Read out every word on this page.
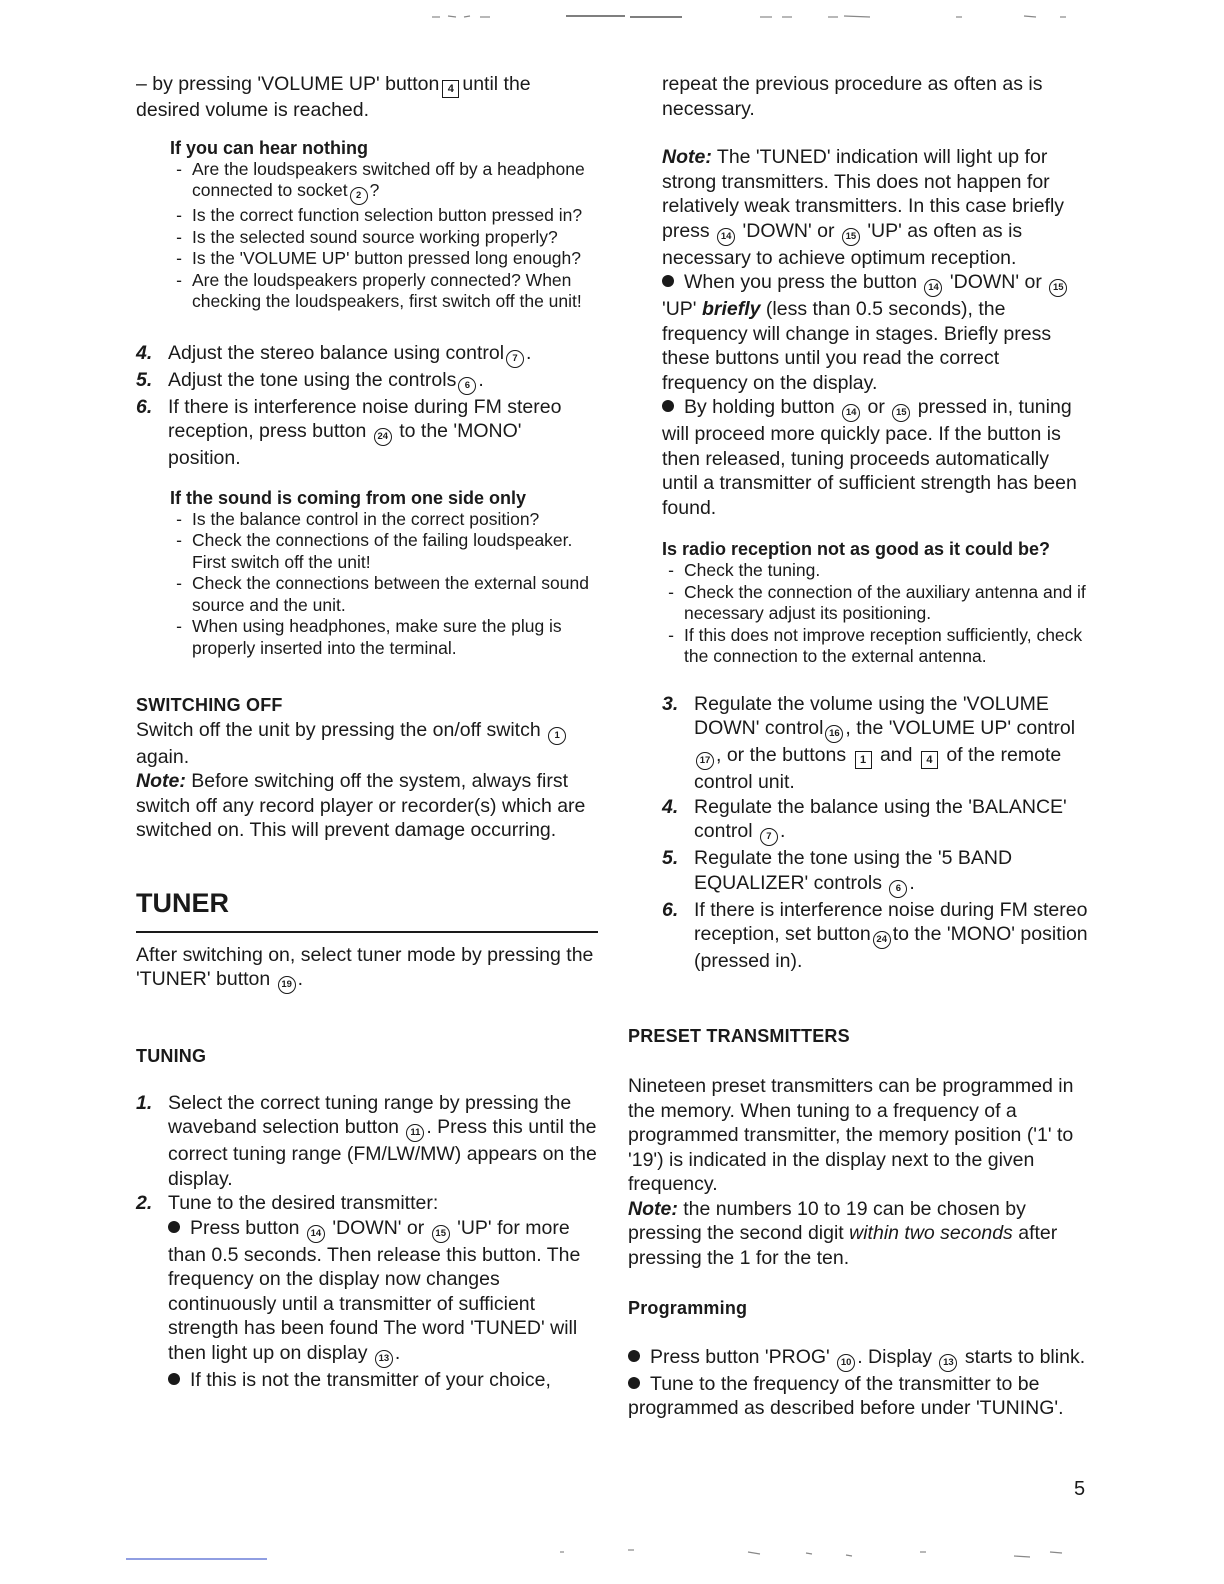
– by pressing 'VOLUME UP' button 4 until the desired volume is reached.

If you can hear nothing
- Are the loudspeakers switched off by a headphone connected to socket 2 ?
- Is the correct function selection button pressed in?
- Is the selected sound source working properly?
- Is the 'VOLUME UP' button pressed long enough?
- Are the loudspeakers properly connected? When checking the loudspeakers, first switch off the unit!
4. Adjust the stereo balance using control 7 .
5. Adjust the tone using the controls 6 .
6. If there is interference noise during FM stereo reception, press button 24 to the 'MONO' position.
If the sound is coming from one side only
- Is the balance control in the correct position?
- Check the connections of the failing loudspeaker. First switch off the unit!
- Check the connections between the external sound source and the unit.
- When using headphones, make sure the plug is properly inserted into the terminal.
SWITCHING OFF

Switch off the unit by pressing the on/off switch 1 again.

Note: Before switching off the system, always first switch off any record player or recorder(s) which are switched on. This will prevent damage occurring.

TUNER

After switching on, select tuner mode by pressing the 'TUNER' button 19 .

TUNING
1. Select the correct tuning range by pressing the waveband selection button 11 . Press this until the correct tuning range (FM/LW/MW) appears on the display.
2. Tune to the desired transmitter:
Press button 14 'DOWN' or 15 'UP' for more than 0.5 seconds. Then release this button. The frequency on the display now changes continuously until a transmitter of sufficient strength has been found The word 'TUNED' will then light up on display 13 .
If this is not the transmitter of your choice,

repeat the previous procedure as often as is necessary.

Note: The 'TUNED' indication will light up for strong transmitters. This does not happen for relatively weak transmitters. In this case briefly press 14 'DOWN' or 15 'UP' as often as is necessary to achieve optimum reception.

When you press the button 14 'DOWN' or 15 'UP' briefly (less than 0.5 seconds), the frequency will change in stages. Briefly press these buttons until you read the correct frequency on the display.

By holding button 14 or 15 pressed in, tuning will proceed more quickly pace. If the button is then released, tuning proceeds automatically until a transmitter of sufficient strength has been found.

Is radio reception not as good as it could be?
- Check the tuning.
- Check the connection of the auxiliary antenna and if necessary adjust its positioning.
- If this does not improve reception sufficiently, check the connection to the external antenna.
3. Regulate the volume using the 'VOLUME DOWN' control 16 , the 'VOLUME UP' control17 , or the buttons 1 and 4 of the remote control unit.
4. Regulate the balance using the 'BALANCE' control 7 .
5. Regulate the tone using the '5 BAND EQUALIZER' controls 6 .
6. If there is interference noise during FM stereo reception, set button 24 to the 'MONO' position (pressed in).
PRESET TRANSMITTERS

Nineteen preset transmitters can be programmed in the memory. When tuning to a frequency of a programmed transmitter, the memory position ('1' to '19') is indicated in the display next to the given frequency.

Note: the numbers 10 to 19 can be chosen by pressing the second digit within two seconds after pressing the 1 for the ten.

Programming

Press button 'PROG' 10 . Display 13 starts to blink.

Tune to the frequency of the transmitter to be programmed as described before under 'TUNING'.

5
